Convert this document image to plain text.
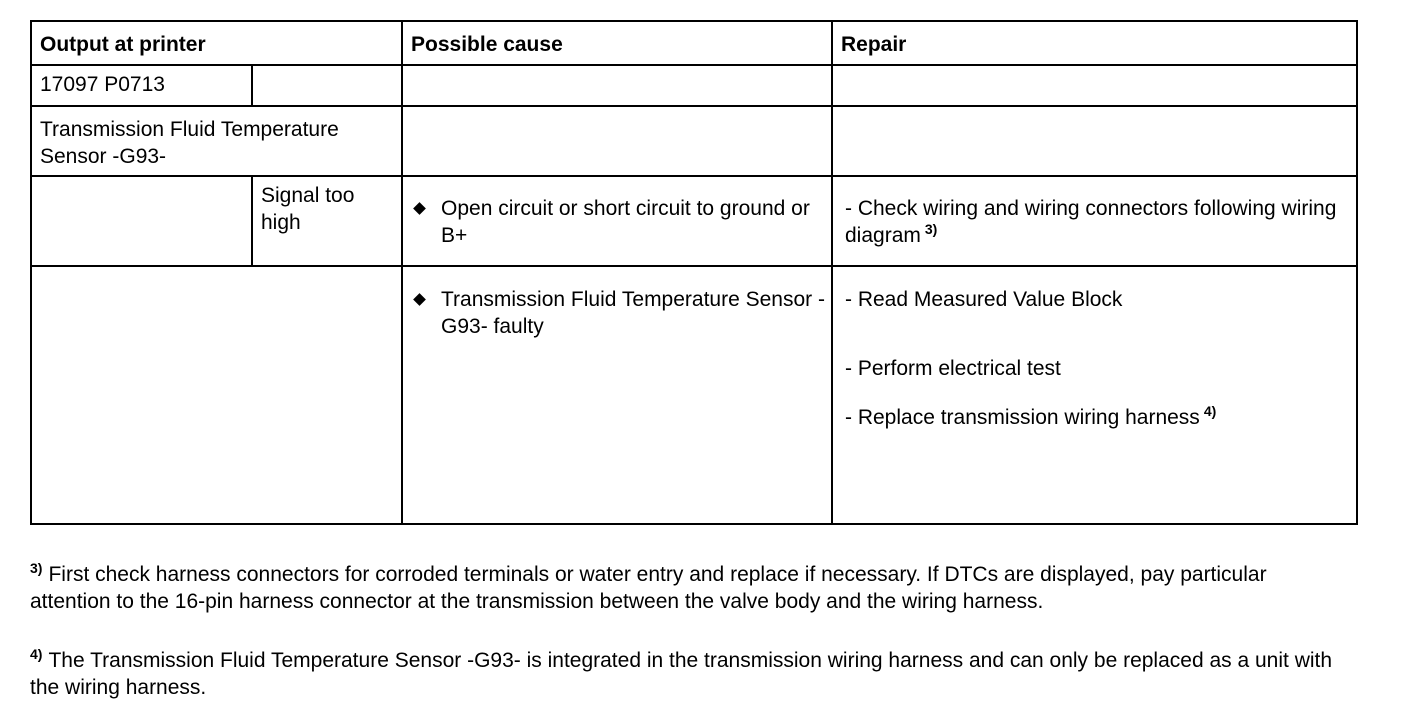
Output at printer		Possible cause	Repair
17097 P0713			
Transmission Fluid Temperature Sensor -G93-			
	Signal too high	Open circuit or short circuit to ground or B+	- Check wiring and wiring connectors following wiring diagram $^{3)}$

		Transmission Fluid Temperature Sensor -G93- faulty	- Read Measured Value Block
- Perform electrical test
- Replace transmission wiring harness $^{4)}$
$^{3)}$ First check harness connectors for corroded terminals or water entry and replace if necessary. If DTCs are displayed, pay particular attention to the 16-pin harness connector at the transmission between the valve body and the wiring harness.
$^{4)}$ The Transmission Fluid Temperature Sensor -G93- is integrated in the transmission wiring harness and can only be replaced as a unit with the wiring harness.
